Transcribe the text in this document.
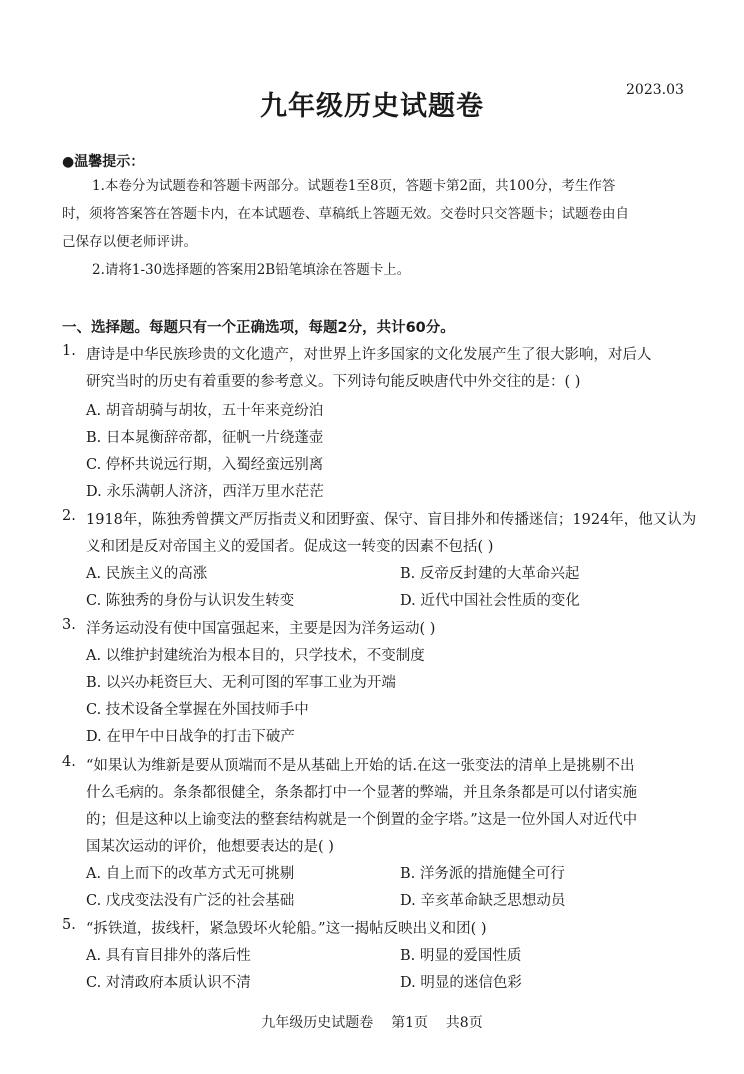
九年级历史试题卷
2023.03
●温馨提示：
1.本卷分为试题卷和答题卡两部分。试题卷1至8页，答题卡第2面，共100分，考生作答
时，须将答案答在答题卡内，在本试题卷、草稿纸上答题无效。交卷时只交答题卡；试题卷由自
己保存以便老师评讲。
2.请将1-30选择题的答案用2B铅笔填涂在答题卡上。
一、选择题。每题只有一个正确选项，每题2分，共计60分。
1. 唐诗是中华民族珍贵的文化遗产，对世界上许多国家的文化发展产生了很大影响，对后人
研究当时的历史有着重要的参考意义。下列诗句能反映唐代中外交往的是：( )
A. 胡音胡骑与胡妆，五十年来竞纷泊
B. 日本晁衡辞帝都，征帆一片绕蓬壶
C. 停杯共说远行期，入蜀经蛮远别离
D. 永乐满朝人济济，西洋万里水茫茫
2. 1918年，陈独秀曾撰文严厉指责义和团野蛮、保守、盲目排外和传播迷信；1924年，他又认为
义和团是反对帝国主义的爱国者。促成这一转变的因素不包括( )
A. 民族主义的高涨	B. 反帝反封建的大革命兴起
C. 陈独秀的身份与认识发生转变	D. 近代中国社会性质的变化
3. 洋务运动没有使中国富强起来，主要是因为洋务运动( )
A. 以维护封建统治为根本目的，只学技术，不变制度
B. 以兴办耗资巨大、无利可图的军事工业为开端
C. 技术设备全掌握在外国技师手中
D. 在甲午中日战争的打击下破产
4. “如果认为维新是要从顶端而不是从基础上开始的话.在这一张变法的清单上是挑剔不出
什么毛病的。条条都很健全，条条都打中一个显著的弊端，并且条条都是可以付诸实施
的；但是这种以上谕变法的整套结构就是一个倒置的金字塔。”这是一位外国人对近代中
国某次运动的评价，他想要表达的是( )
A. 自上而下的改革方式无可挑剔	B. 洋务派的措施健全可行
C. 戊戌变法没有广泛的社会基础	D. 辛亥革命缺乏思想动员
5. “拆铁道，拔线杆，紧急毁坏火轮船。”这一揭帖反映出义和团( )
A. 具有盲目排外的落后性	B. 明显的爱国性质
C. 对清政府本质认识不清	D. 明显的迷信色彩
九年级历史试题卷    第1页    共8页
